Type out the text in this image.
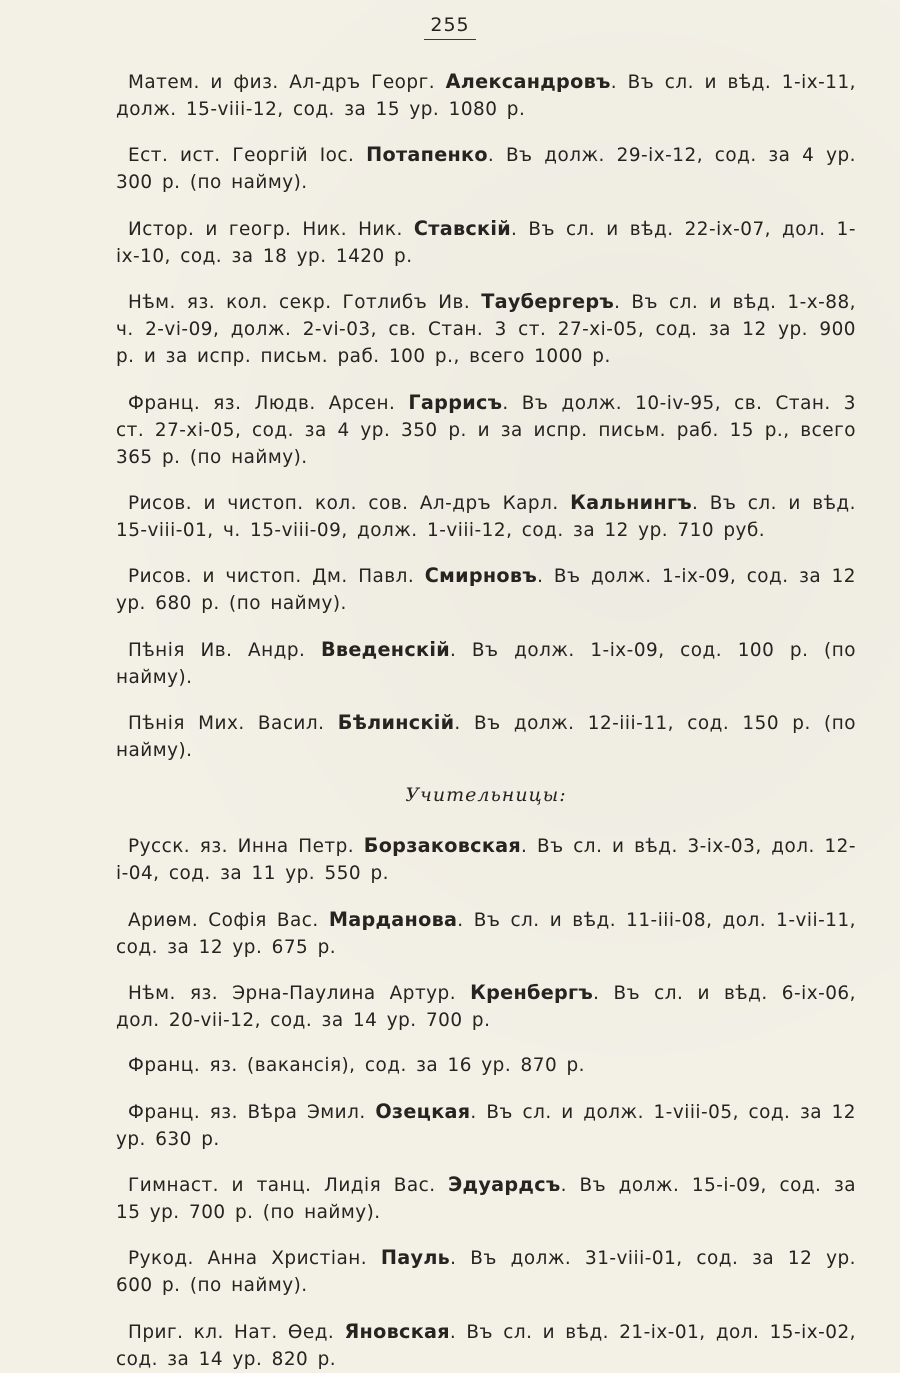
255

Матем. и физ. Ал-дръ Георг. Александровъ. Въ сл. и вѣд. 1-ix-11, долж. 15-viii-12, сод. за 15 ур. 1080 р.

Ест. ист. Георгій Іос. Потапенко. Въ долж. 29-ix-12, сод. за 4 ур. 300 р. (по найму).

Истор. и геогр. Ник. Ник. Ставскій. Въ сл. и вѣд. 22-ix-07, дол. 1-ix-10, сод. за 18 ур. 1420 р.

Нѣм. яз. кол. секр. Готлибъ Ив. Таубергеръ. Въ сл. и вѣд. 1-x-88, ч. 2-vi-09, долж. 2-vi-03, св. Стан. 3 ст. 27-xi-05, сод. за 12 ур. 900 р. и за испр. письм. раб. 100 р., всего 1000 р.

Франц. яз. Людв. Арсен. Гаррисъ. Въ долж. 10-iv-95, св. Стан. 3 ст. 27-xi-05, сод. за 4 ур. 350 р. и за испр. письм. раб. 15 р., всего 365 р. (по найму).

Рисов. и чистоп. кол. сов. Ал-дръ Карл. Кальнингъ. Въ сл. и вѣд. 15-viii-01, ч. 15-viii-09, долж. 1-viii-12, сод. за 12 ур. 710 руб.

Рисов. и чистоп. Дм. Павл. Смирновъ. Въ долж. 1-ix-09, сод. за 12 ур. 680 р. (по найму).

Пѣнія Ив. Андр. Введенскій. Въ долж. 1-ix-09, сод. 100 р. (по найму).

Пѣнія Мих. Васил. Бѣлинскій. Въ долж. 12-iii-11, сод. 150 р. (по найму).

Учительницы:

Русск. яз. Инна Петр. Борзаковская. Въ сл. и вѣд. 3-ix-03, дол. 12-i-04, сод. за 11 ур. 550 р.

Ариѳм. Софія Вас. Марданова. Въ сл. и вѣд. 11-iii-08, дол. 1-vii-11, сод. за 12 ур. 675 р.

Нѣм. яз. Эрна-Паулина Артур. Кренбергъ. Въ сл. и вѣд. 6-ix-06, дол. 20-vii-12, сод. за 14 ур. 700 р.

Франц. яз. (вакансія), сод. за 16 ур. 870 р.

Франц. яз. Вѣра Эмил. Озецкая. Въ сл. и долж. 1-viii-05, сод. за 12 ур. 630 р.

Гимнаст. и танц. Лидія Вас. Эдуардсъ. Въ долж. 15-i-09, сод. за 15 ур. 700 р. (по найму).

Рукод. Анна Христіан. Пауль. Въ долж. 31-viii-01, сод. за 12 ур. 600 р. (по найму).

Приг. кл. Нат. Ѳед. Яновская. Въ сл. и вѣд. 21-ix-01, дол. 15-ix-02, сод. за 14 ур. 820 р.
